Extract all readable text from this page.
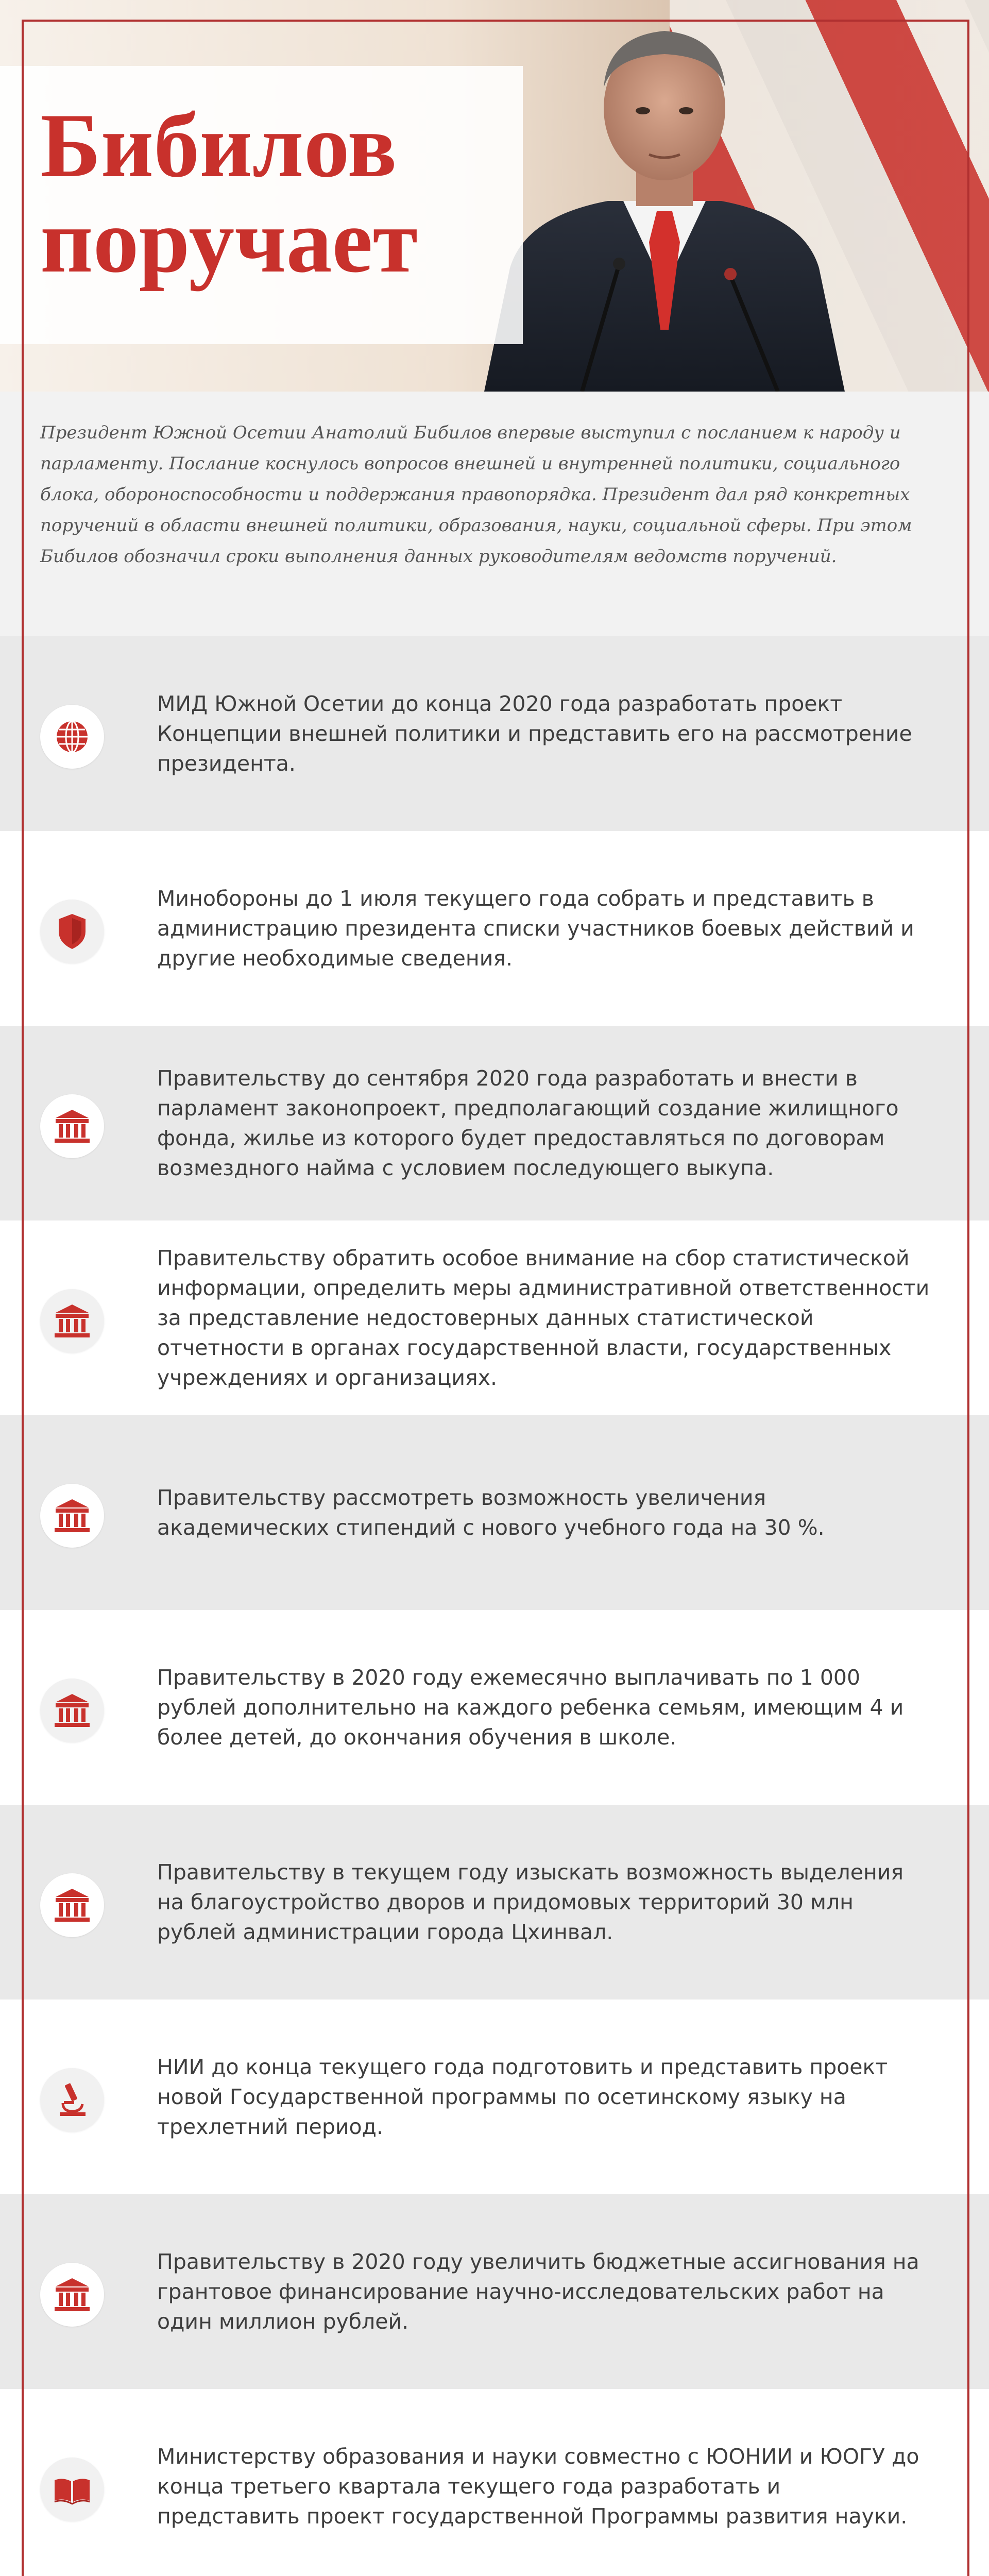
Бибилов
поручает

Президент Южной Осетии Анатолий Бибилов впервые выступил с посланием к народу и парламенту. Послание коснулось вопросов внешней и внутренней политики, социального блока, обороноспособности и поддержания правопорядка. Президент дал ряд конкретных поручений в области внешней политики, образования, науки, социальной сферы. При этом Бибилов обозначил сроки выполнения данных руководителям ведомств поручений.

МИД Южной Осетии до конца 2020 года разработать проект Концепции внешней политики и представить его на рассмотрение президента.

Минобороны до 1 июля текущего года собрать и представить в администрацию президента списки участников боевых действий и другие необходимые сведения.

Правительству до сентября 2020 года разработать и внести в парламент законопроект, предполагающий создание жилищного фонда, жилье из которого будет предоставляться по договорам возмездного найма с условием последующего выкупа.

Правительству обратить особое внимание на сбор статистической информации, определить меры административной ответственности за представление недостоверных данных статистической отчетности в органах государственной власти, государственных учреждениях и организациях.

Правительству рассмотреть возможность увеличения академических стипендий с нового учебного года на 30 %.

Правительству в 2020 году ежемесячно выплачивать по 1 000 рублей дополнительно на каждого ребенка семьям, имеющим 4 и более детей, до окончания обучения в школе.

Правительству в текущем году изыскать возможность выделения на благоустройство дворов и придомовых территорий 30 млн рублей администрации города Цхинвал.

НИИ до конца текущего года подготовить и представить проект новой Государственной программы по осетинскому языку на трехлетний период.

Правительству в 2020 году увеличить бюджетные ассигнования на грантовое финансирование научно-исследовательских работ на один миллион рублей.

Министерству образования и науки совместно с ЮОНИИ и ЮОГУ до конца третьего квартала текущего года разработать и представить проект государственной Программы развития науки.
